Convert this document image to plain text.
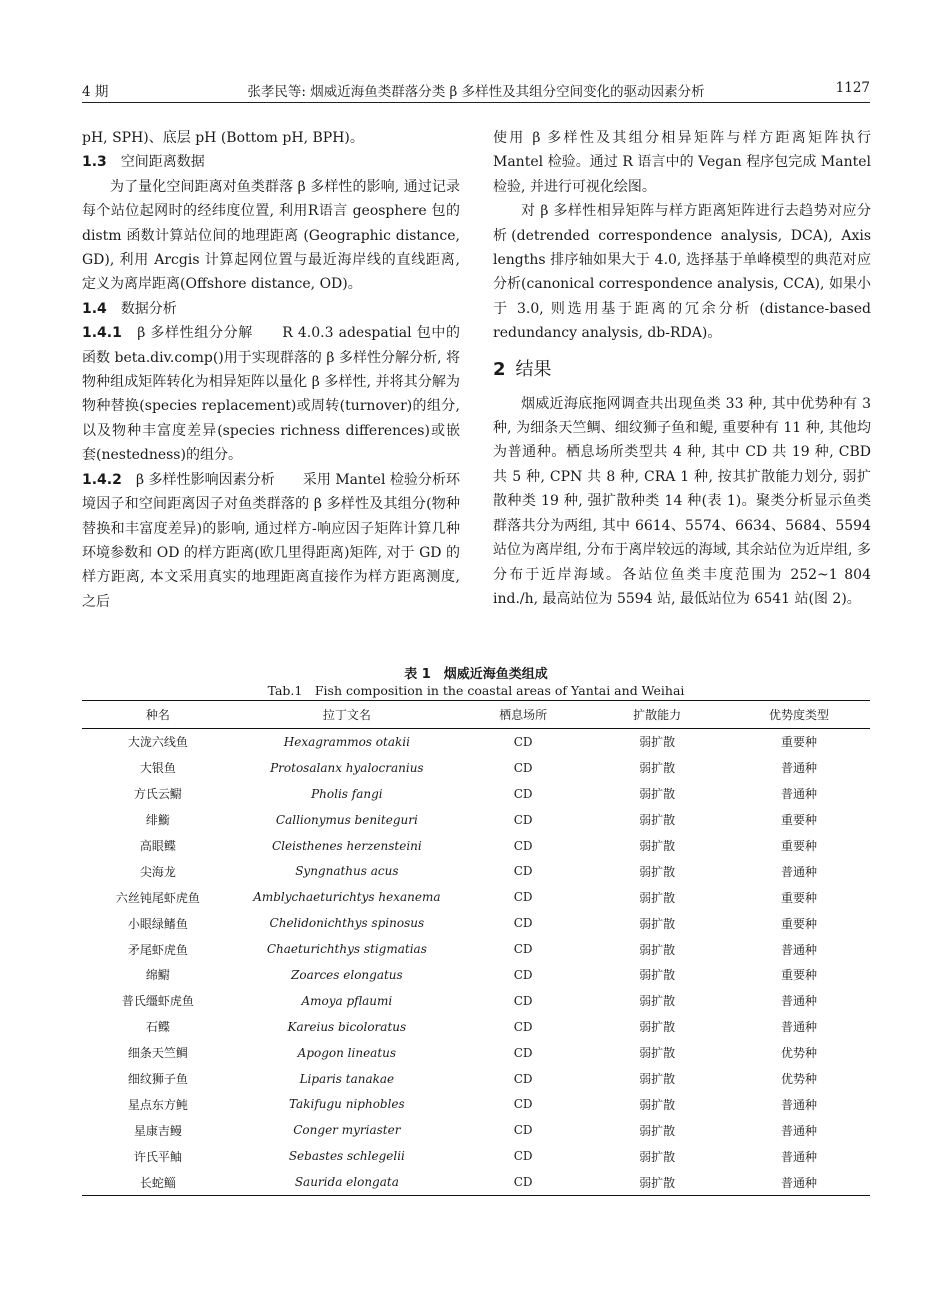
4 期	张孝民等: 烟威近海鱼类群落分类 β 多样性及其组分空间变化的驱动因素分析	1127

pH, SPH)、底层 pH (Bottom pH, BPH)。

1.3　 空间距离数据

为了量化空间距离对鱼类群落 β 多样性的影响, 通过记录每个站位起网时的经纬度位置, 利用R语言 geosphere 包的 distm 函数计算站位间的地理距离 (Geographic distance, GD), 利用 Arcgis 计算起网位置与最近海岸线的直线距离, 定义为离岸距离(Offshore distance, OD)。

1.4　 数据分析

1.4.1　 β 多样性组分分解　　 R 4.0.3 adespatial 包中的函数 beta.div.comp()用于实现群落的 β 多样性分解分析, 将物种组成矩阵转化为相异矩阵以量化 β 多样性, 并将其分解为物种替换(species replacement)或周转(turnover)的组分, 以及物种丰富度差异(species richness differences)或嵌套(nestedness)的组分。

1.4.2　 β 多样性影响因素分析　　 采用 Mantel 检验分析环境因子和空间距离因子对鱼类群落的 β 多样性及其组分(物种替换和丰富度差异)的影响, 通过样方-响应因子矩阵计算几种环境参数和 OD 的样方距离(欧几里得距离)矩阵, 对于 GD 的样方距离, 本文采用真实的地理距离直接作为样方距离测度, 之后

使用 β 多样性及其组分相异矩阵与样方距离矩阵执行 Mantel 检验。通过 R 语言中的 Vegan 程序包完成 Mantel 检验, 并进行可视化绘图。

对 β 多样性相异矩阵与样方距离矩阵进行去趋势对应分析(detrended correspondence analysis, DCA), Axis lengths 排序轴如果大于 4.0, 选择基于单峰模型的典范对应分析(canonical correspondence analysis, CCA), 如果小于 3.0, 则选用基于距离的冗余分析 (distance-based redundancy analysis, db-RDA)。

2 结果

烟威近海底拖网调查共出现鱼类 33 种, 其中优势种有 3 种, 为细条天竺鲷、细纹狮子鱼和鳀, 重要种有 11 种, 其他均为普通种。栖息场所类型共 4 种, 其中 CD 共 19 种, CBD 共 5 种, CPN 共 8 种, CRA 1 种, 按其扩散能力划分, 弱扩散种类 19 种, 强扩散种类 14 种(表 1)。聚类分析显示鱼类群落共分为两组, 其中 6614、5574、6634、5684、5594 站位为离岸组, 分布于离岸较远的海域, 其余站位为近岸组, 多分布于近岸海域。各站位鱼类丰度范围为 252~1 804 ind./h, 最高站位为 5594 站, 最低站位为 6541 站(图 2)。

表 1　烟威近海鱼类组成
Tab.1　Fish composition in the coastal areas of Yantai and Weihai
种名	拉丁文名	栖息场所	扩散能力	优势度类型
大泷六线鱼	Hexagrammos otakii	CD	弱扩散	重要种
大银鱼	Protosalanx hyalocranius	CD	弱扩散	普通种
方氏云鳚	Pholis fangi	CD	弱扩散	普通种
绯䲗	Callionymus beniteguri	CD	弱扩散	重要种
高眼鲽	Cleisthenes herzensteini	CD	弱扩散	重要种
尖海龙	Syngnathus acus	CD	弱扩散	普通种
六丝钝尾虾虎鱼	Amblychaeturichtys hexanema	CD	弱扩散	重要种
小眼绿鳍鱼	Chelidonichthys spinosus	CD	弱扩散	重要种
矛尾虾虎鱼	Chaeturichthys stigmatias	CD	弱扩散	普通种
绵鳚	Zoarces elongatus	CD	弱扩散	重要种
普氏缰虾虎鱼	Amoya pflaumi	CD	弱扩散	普通种
石鲽	Kareius bicoloratus	CD	弱扩散	普通种
细条天竺鲷	Apogon lineatus	CD	弱扩散	优势种
细纹狮子鱼	Liparis tanakae	CD	弱扩散	优势种
星点东方鲀	Takifugu niphobles	CD	弱扩散	普通种
星康吉鳗	Conger myriaster	CD	弱扩散	普通种
许氏平鲉	Sebastes schlegelii	CD	弱扩散	普通种
长蛇鲻	Saurida elongata	CD	弱扩散	普通种
